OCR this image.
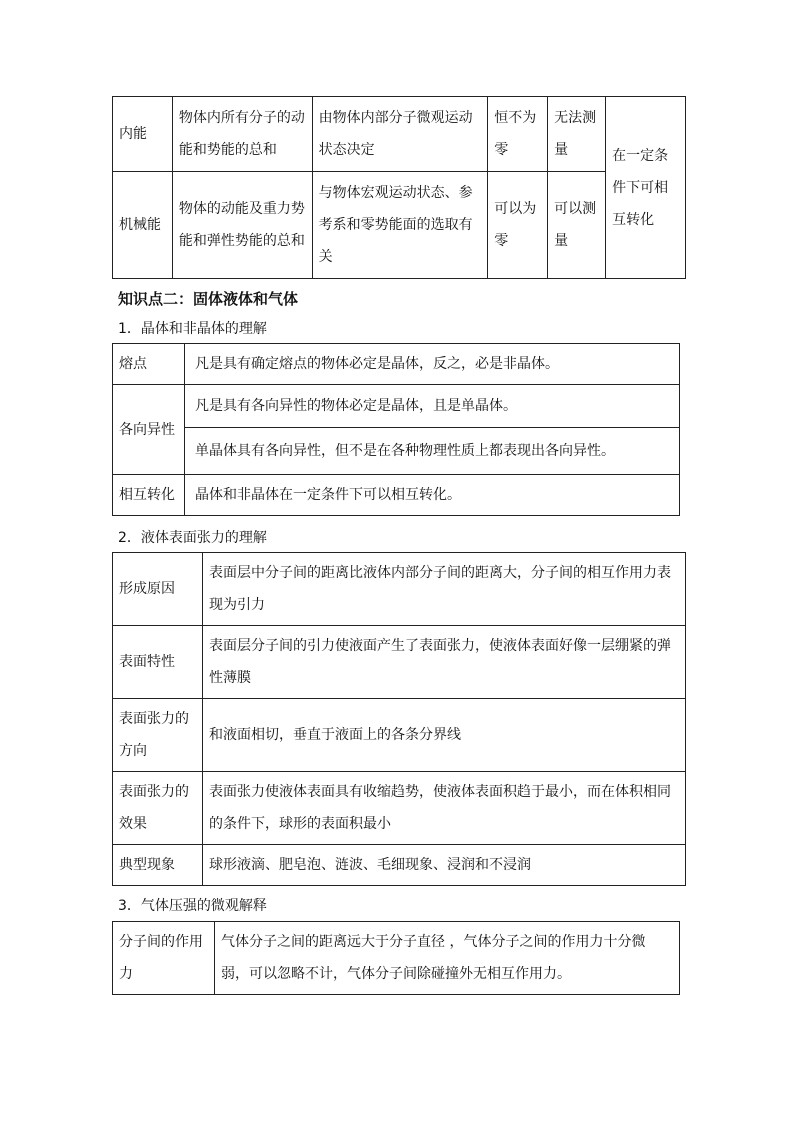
内能	物体内所有分子的动能和势能的总和	由物体内部分子微观运动状态决定	恒不为零	无法测量	在一定条件下可相互转化
机械能	物体的动能及重力势能和弹性势能的总和	与物体宏观运动状态、参考系和零势能面的选取有关	可以为零	可以测量	
知识点二：固体液体和气体
1．晶体和非晶体的理解
熔点	凡是具有确定熔点的物体必定是晶体，反之，必是非晶体。
各向异性	凡是具有各向异性的物体必定是晶体，且是单晶体。
	单晶体具有各向异性，但不是在各种物理性质上都表现出各向异性。
相互转化	晶体和非晶体在一定条件下可以相互转化。
2．液体表面张力的理解
形成原因	表面层中分子间的距离比液体内部分子间的距离大，分子间的相互作用力表现为引力
表面特性	表面层分子间的引力使液面产生了表面张力，使液体表面好像一层绷紧的弹性薄膜
表面张力的方向	和液面相切，垂直于液面上的各条分界线
表面张力的效果	表面张力使液体表面具有收缩趋势，使液体表面积趋于最小，而在体积相同的条件下，球形的表面积最小
典型现象	球形液滴、肥皂泡、涟波、毛细现象、浸润和不浸润
3．气体压强的微观解释
分子间的作用力	气体分子之间的距离远大于分子直径 ，气体分子之间的作用力十分微弱，可以忽略不计，气体分子间除碰撞外无相互作用力。
